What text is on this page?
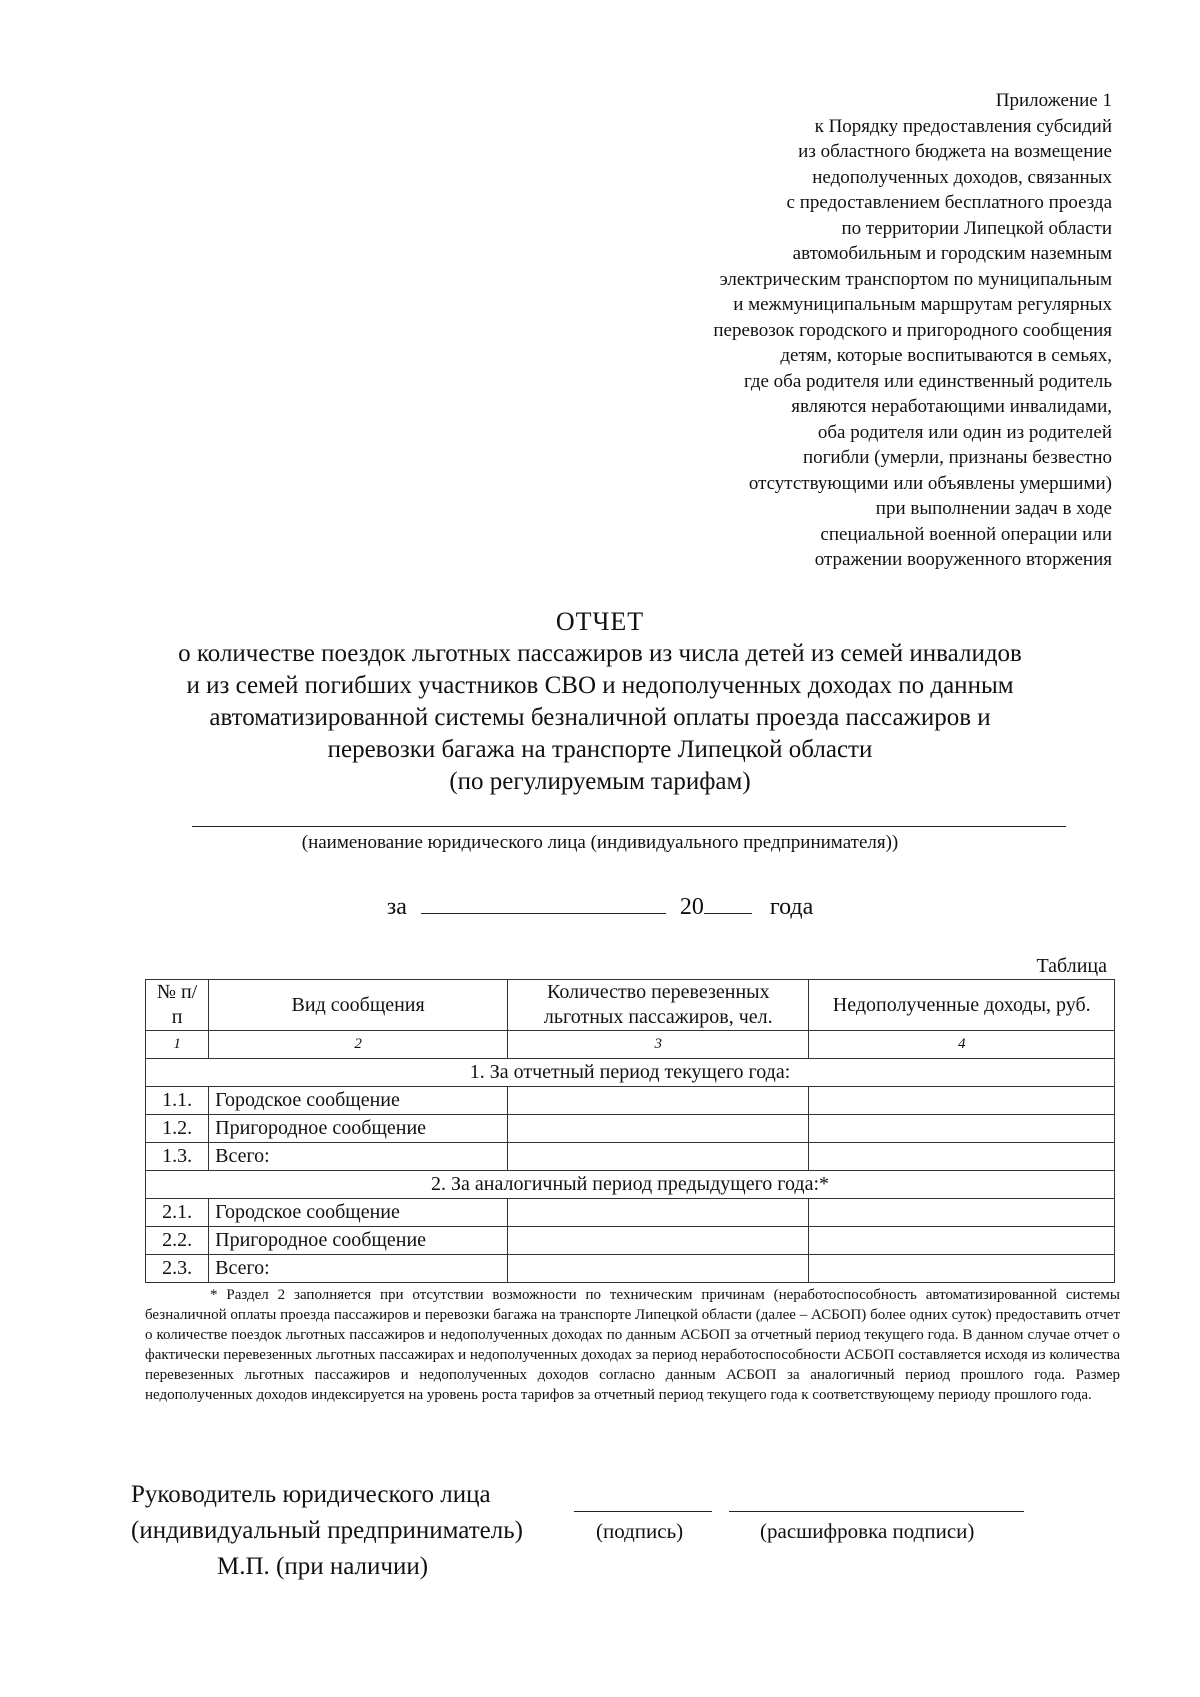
Приложение 1
к Порядку предоставления субсидий
из областного бюджета на возмещение
недополученных доходов, связанных
с предоставлением бесплатного проезда
по территории Липецкой области
автомобильным и городским наземным
электрическим транспортом по муниципальным
и межмуниципальным маршрутам регулярных
перевозок городского и пригородного сообщения
детям, которые воспитываются в семьях,
где оба родителя или единственный родитель
являются неработающими инвалидами,
оба родителя или один из родителей
погибли (умерли, признаны безвестно
отсутствующими или объявлены умершими)
при выполнении задач в ходе
специальной военной операции или
отражении вооруженного вторжения
ОТЧЕТ
о количестве поездок льготных пассажиров из числа детей из семей инвалидов
и из семей погибших участников СВО и недополученных доходах по данным
автоматизированной системы безналичной оплаты проезда пассажиров и
перевозки багажа на транспорте Липецкой области
(по регулируемым тарифам)
(наименование юридического лица (индивидуального предпринимателя))
за	20	года
Таблица
№ п/п	Вид сообщения	Количество перевезенных льготных пассажиров, чел.	Недополученные доходы, руб.
1	2	3	4
1. За отчетный период текущего года:			
1.1.	Городское сообщение		
1.2.	Пригородное сообщение		
1.3.	Всего:		
2. За аналогичный период предыдущего года:*			
2.1.	Городское сообщение		
2.2.	Пригородное сообщение		
2.3.	Всего:		
* Раздел 2 заполняется при отсутствии возможности по техническим причинам (неработоспособность автоматизированной системы безналичной оплаты проезда пассажиров и перевозки багажа на транспорте Липецкой области (далее – АСБОП) более одних суток) предоставить отчет о количестве поездок льготных пассажиров и недополученных доходах по данным АСБОП за отчетный период текущего года. В данном случае отчет о фактически перевезенных льготных пассажирах и недополученных доходах за период неработоспособности АСБОП составляется исходя из количества перевезенных льготных пассажиров и недополученных доходов согласно данным АСБОП за аналогичный период прошлого года. Размер недополученных доходов индексируется на уровень роста тарифов за отчетный период текущего года к соответствующему периоду прошлого года.
Руководитель юридического лица
(индивидуальный предприниматель)	(подпись)	(расшифровка подписи)
М.П. (при наличии)
